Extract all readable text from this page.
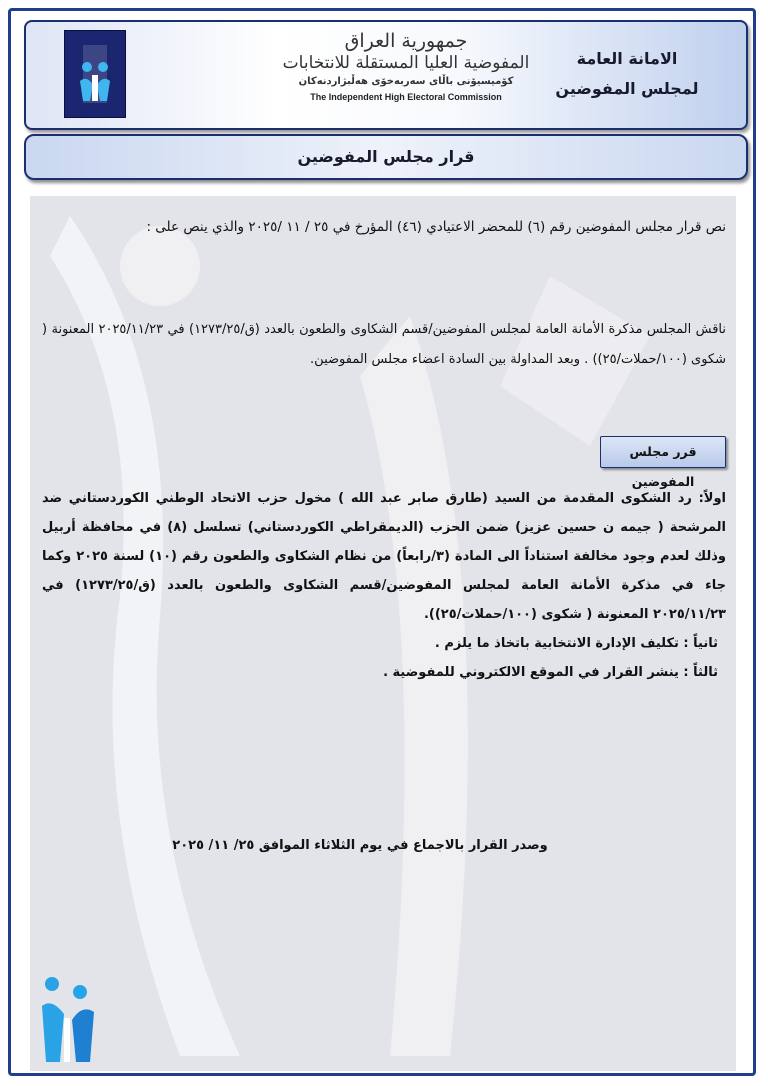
جمهورية العراق
المفوضية العليا المستقلة للانتخابات
كۆمیسیۆنی باڵای سەربەخۆی هەڵبژاردنەکان
The Independent High Electoral Commission
الامانة العامة
لمجلس المفوضين
قرار مجلس المفوضين
نص قرار مجلس المفوضين رقم (٦) للمحضر الاعتيادي (٤٦) المؤرخ في ٢٥ / ١١ /٢٠٢٥ والذي ينص على :
ناقش المجلس مذكرة الأمانة العامة لمجلس المفوضين/قسم الشكاوى والطعون بالعدد (ق/١٢٧٣/٢٥) في ٢٠٢٥/١١/٢٣ المعنونة ( شكوى (١٠٠/حملات/٢٥)) . وبعد المداولة بين السادة اعضاء مجلس المفوضين.
قرر مجلس المفوضين

اولاً: رد الشكوى المقدمة من السيد (طارق صابر عبد الله ) مخول حزب الاتحاد الوطني الكوردستاني ضد المرشحة ( جيمه ن حسين عزيز) ضمن الحزب (الديمقراطي الكوردستاني) تسلسل (٨) في محافظة أربيل وذلك لعدم وجود مخالفة استناداً الى المادة (٣/رابعاً) من نظام الشكاوى والطعون رقم (١٠) لسنة ٢٠٢٥ وكما جاء في مذكرة الأمانة العامة لمجلس المفوضين/قسم الشكاوى والطعون بالعدد (ق/١٢٧٣/٢٥) في ٢٠٢٥/١١/٢٣ المعنونة ( شكوى (١٠٠/حملات/٢٥)).

ثانياً : تكليف الإدارة الانتخابية باتخاذ ما يلزم .

ثالثاً : ينشر القرار في الموقع الالكتروني للمفوضية .

وصدر القرار بالاجماع في يوم الثلاثاء الموافق ٢٥/ ١١/ ٢٠٢٥
